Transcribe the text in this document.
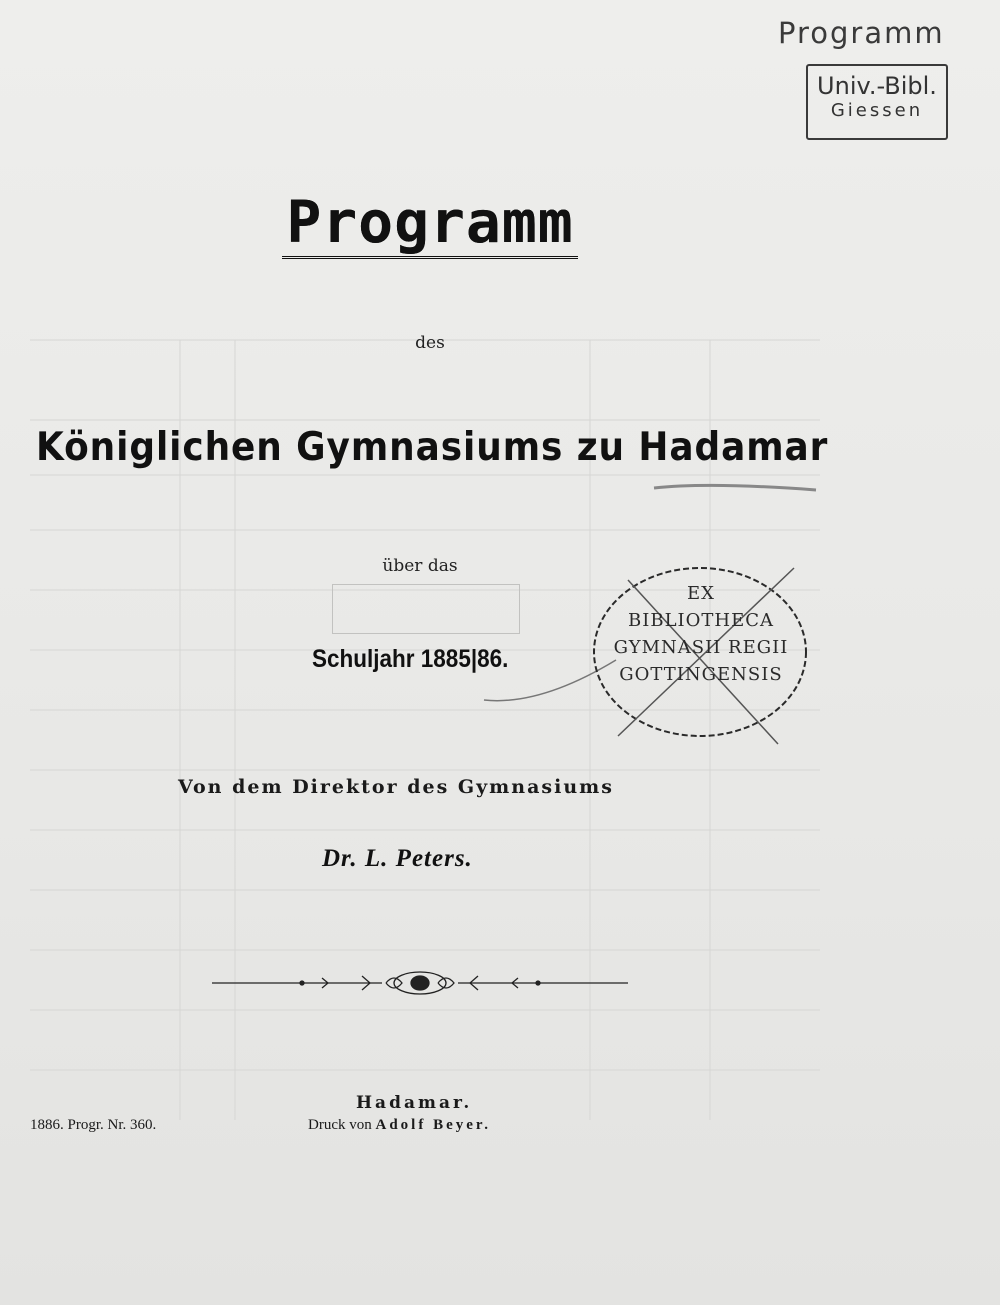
Programm
Univ.-Bibl.
Giessen
Programm
des
Königlichen Gymnasiums zu Hadamar
über das
Schuljahr 1885|86.
EX
BIBLIOTHECA
GYMNASII REGII
GOTTINGENSIS
Von dem Direktor des Gymnasiums
Dr. L. Peters.
Hadamar.
Druck von Adolf Beyer.
1886. Progr. Nr. 360.
